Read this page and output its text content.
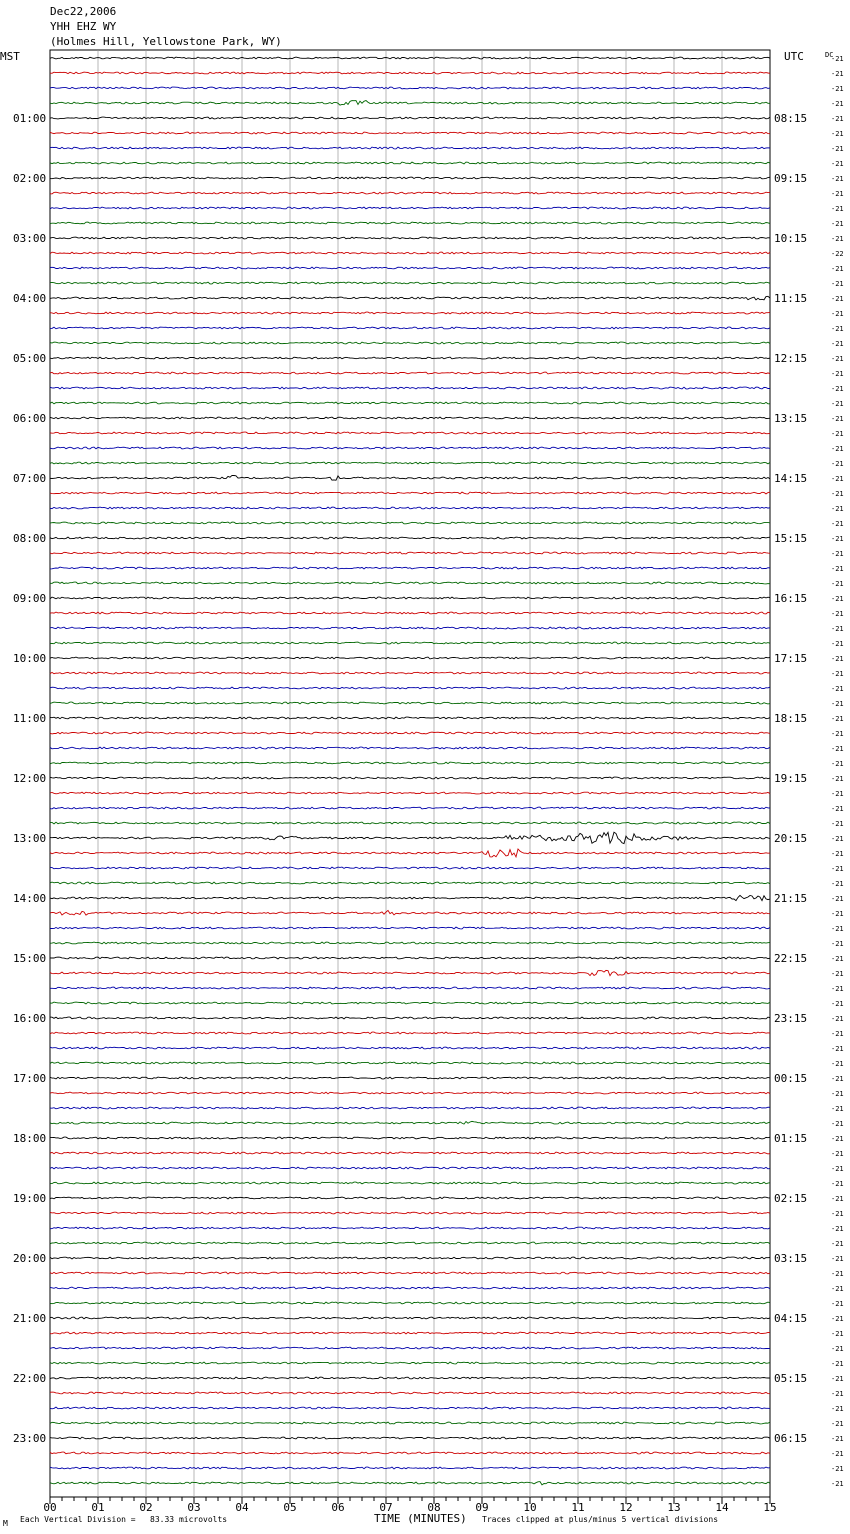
Dec22,2006
YHH EHZ WY
(Holmes Hill, Yellowstone Park, WY)
MST	UTC	-21
-21
-21
-21
-21
-21
-21
-21
-21
-21
-21
-21
-21
-22
-21
-21
-21
-21
-21
-21
-21
-21
-21
-21
-21
-21
-21
-21
-21
-21
-21
-21
-21
-21
-21
-21
-21
-21
-21
-21
-21
-21
-21
-21
-21
-21
-21
-21
-21
-21
-21
-21
-21
-21
-21
-21
-21
-21
-21
-21
-21
-21
-21
-21
-21
-21
-21
-21
-21
-21
-21
-21
-21
-21
-21
-21
-21
-21
-21
-21
-21
-21
-21
-21
-21
-21
-21
-21
-21
-21
-21
-21
-21
-21
-21
-21
DC
01:00
02:00
03:00
04:00
05:00
06:00
07:00
08:00
09:00
10:00
11:00
12:00
13:00
14:00
15:00
16:00
17:00
18:00
19:00
20:00
21:00
22:00
23:00
08:15
09:15
10:15
11:15
12:15
13:15
14:15
15:15
16:15
17:15
18:15
19:15
20:15
21:15
22:15
23:15
00:15
01:15
02:15
03:15
04:15
05:15
06:15
00	01	02	03	04	05	06	07	08	09	10	11	12	13	14	15
M Each Vertical Division =   83.33 microvolts	TIME (MINUTES) Traces clipped at plus/minus 5 vertical divisions
